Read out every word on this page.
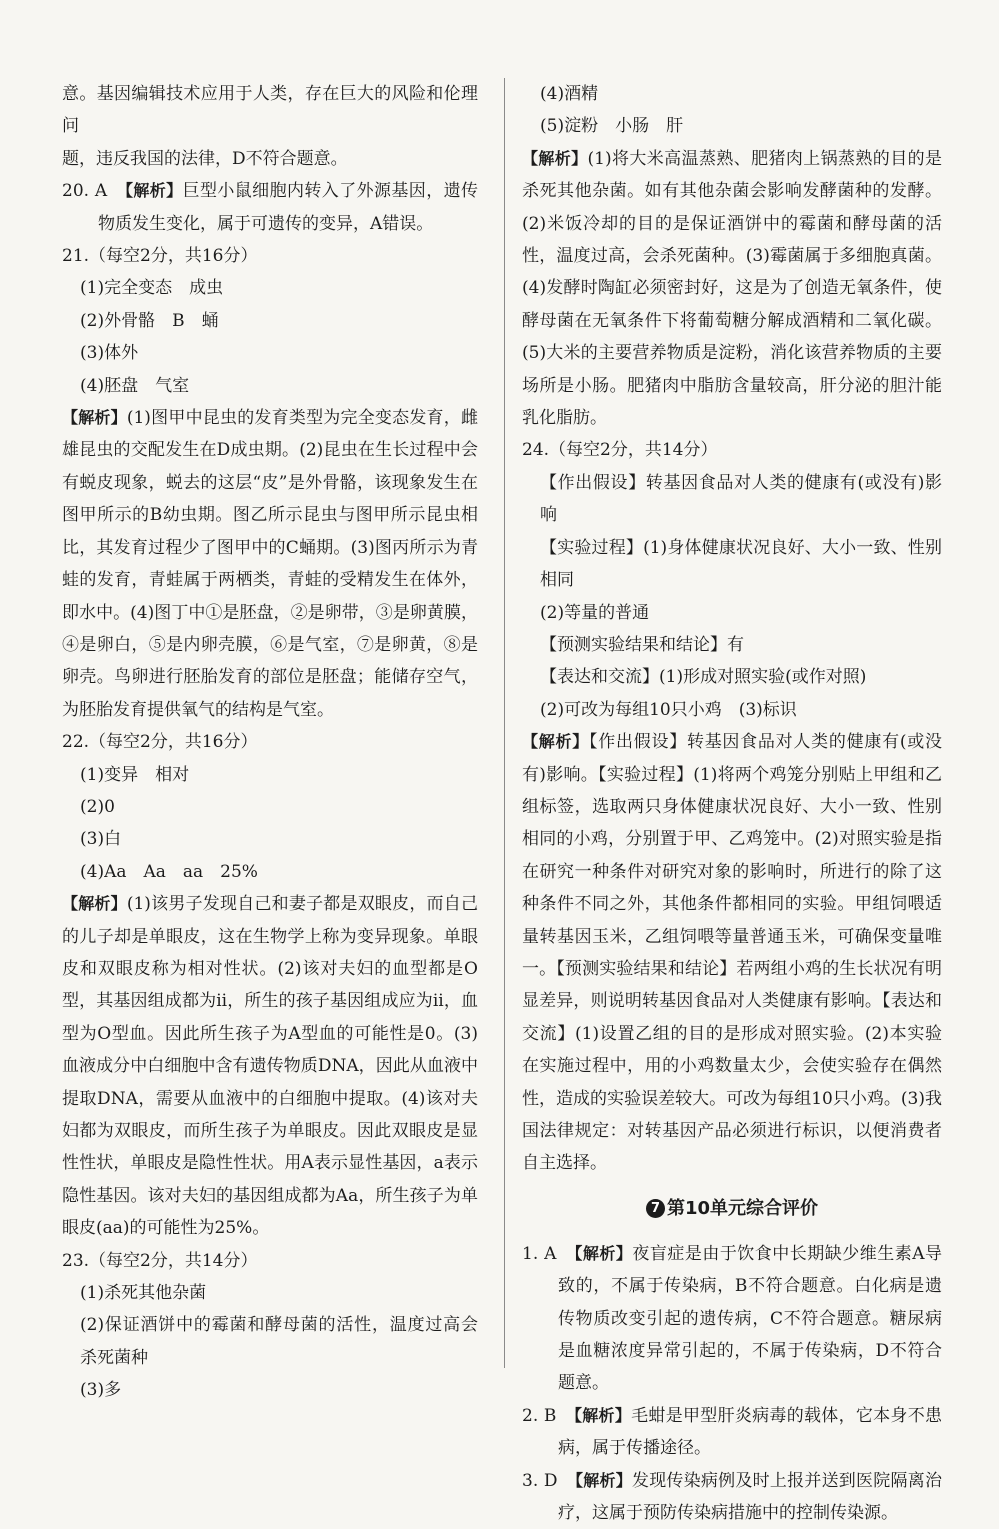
意。基因编辑技术应用于人类，存在巨大的风险和伦理问

题，违反我国的法律，D不符合题意。

20. A　 【解析】巨型小鼠细胞内转入了外源基因，遗传物质发生变化，属于可遗传的变异，A错误。

21.（每空2分，共16分）

(1)完全变态　成虫

(2)外骨骼　B　蛹

(3)体外

(4)胚盘　气室

【解析】(1)图甲中昆虫的发育类型为完全变态发育，雌雄昆虫的交配发生在D成虫期。(2)昆虫在生长过程中会有蜕皮现象，蜕去的这层“皮”是外骨骼，该现象发生在图甲所示的B幼虫期。图乙所示昆虫与图甲所示昆虫相比，其发育过程少了图甲中的C蛹期。(3)图丙所示为青蛙的发育，青蛙属于两栖类，青蛙的受精发生在体外，即水中。(4)图丁中①是胚盘，②是卵带，③是卵黄膜，④是卵白，⑤是内卵壳膜，⑥是气室，⑦是卵黄，⑧是卵壳。鸟卵进行胚胎发育的部位是胚盘；能储存空气，为胚胎发育提供氧气的结构是气室。

22.（每空2分，共16分）

(1)变异　相对

(2)0

(3)白

(4)Aa　Aa　aa　25%

【解析】(1)该男子发现自己和妻子都是双眼皮，而自己的儿子却是单眼皮，这在生物学上称为变异现象。单眼皮和双眼皮称为相对性状。(2)该对夫妇的血型都是O型，其基因组成都为ii，所生的孩子基因组成应为ii，血型为O型血。因此所生孩子为A型血的可能性是0。(3)血液成分中白细胞中含有遗传物质DNA，因此从血液中提取DNA，需要从血液中的白细胞中提取。(4)该对夫妇都为双眼皮，而所生孩子为单眼皮。因此双眼皮是显性性状，单眼皮是隐性性状。用A表示显性基因，a表示隐性基因。该对夫妇的基因组成都为Aa，所生孩子为单眼皮(aa)的可能性为25%。

23.（每空2分，共14分）

(1)杀死其他杂菌

(2)保证酒饼中的霉菌和酵母菌的活性，温度过高会杀死菌种

(3)多

(4)酒精

(5)淀粉　小肠　肝

【解析】(1)将大米高温蒸熟、肥猪肉上锅蒸熟的目的是杀死其他杂菌。如有其他杂菌会影响发酵菌种的发酵。(2)米饭冷却的目的是保证酒饼中的霉菌和酵母菌的活性，温度过高，会杀死菌种。(3)霉菌属于多细胞真菌。(4)发酵时陶缸必须密封好，这是为了创造无氧条件，使酵母菌在无氧条件下将葡萄糖分解成酒精和二氧化碳。(5)大米的主要营养物质是淀粉，消化该营养物质的主要场所是小肠。肥猪肉中脂肪含量较高，肝分泌的胆汁能乳化脂肪。

24.（每空2分，共14分）

【作出假设】转基因食品对人类的健康有(或没有)影响

【实验过程】(1)身体健康状况良好、大小一致、性别相同

(2)等量的普通

【预测实验结果和结论】有

【表达和交流】(1)形成对照实验(或作对照)

(2)可改为每组10只小鸡　(3)标识

【解析】【作出假设】转基因食品对人类的健康有(或没有)影响。【实验过程】(1)将两个鸡笼分别贴上甲组和乙组标签，选取两只身体健康状况良好、大小一致、性别相同的小鸡，分别置于甲、乙鸡笼中。(2)对照实验是指在研究一种条件对研究对象的影响时，所进行的除了这种条件不同之外，其他条件都相同的实验。甲组饲喂适量转基因玉米，乙组饲喂等量普通玉米，可确保变量唯一。【预测实验结果和结论】若两组小鸡的生长状况有明显差异，则说明转基因食品对人类健康有影响。【表达和交流】(1)设置乙组的目的是形成对照实验。(2)本实验在实施过程中，用的小鸡数量太少，会使实验存在偶然性，造成的实验误差较大。可改为每组10只小鸡。(3)我国法律规定：对转基因产品必须进行标识，以便消费者自主选择。

7 第10单元综合评价

1. A　 【解析】夜盲症是由于饮食中长期缺少维生素A导致的，不属于传染病，B不符合题意。白化病是遗传物质改变引起的遗传病，C不符合题意。糖尿病是血糖浓度异常引起的，不属于传染病，D不符合题意。

2. B　 【解析】毛蚶是甲型肝炎病毒的载体，它本身不患病，属于传播途径。

3. D　 【解析】发现传染病例及时上报并送到医院隔离治疗，这属于预防传染病措施中的控制传染源。
